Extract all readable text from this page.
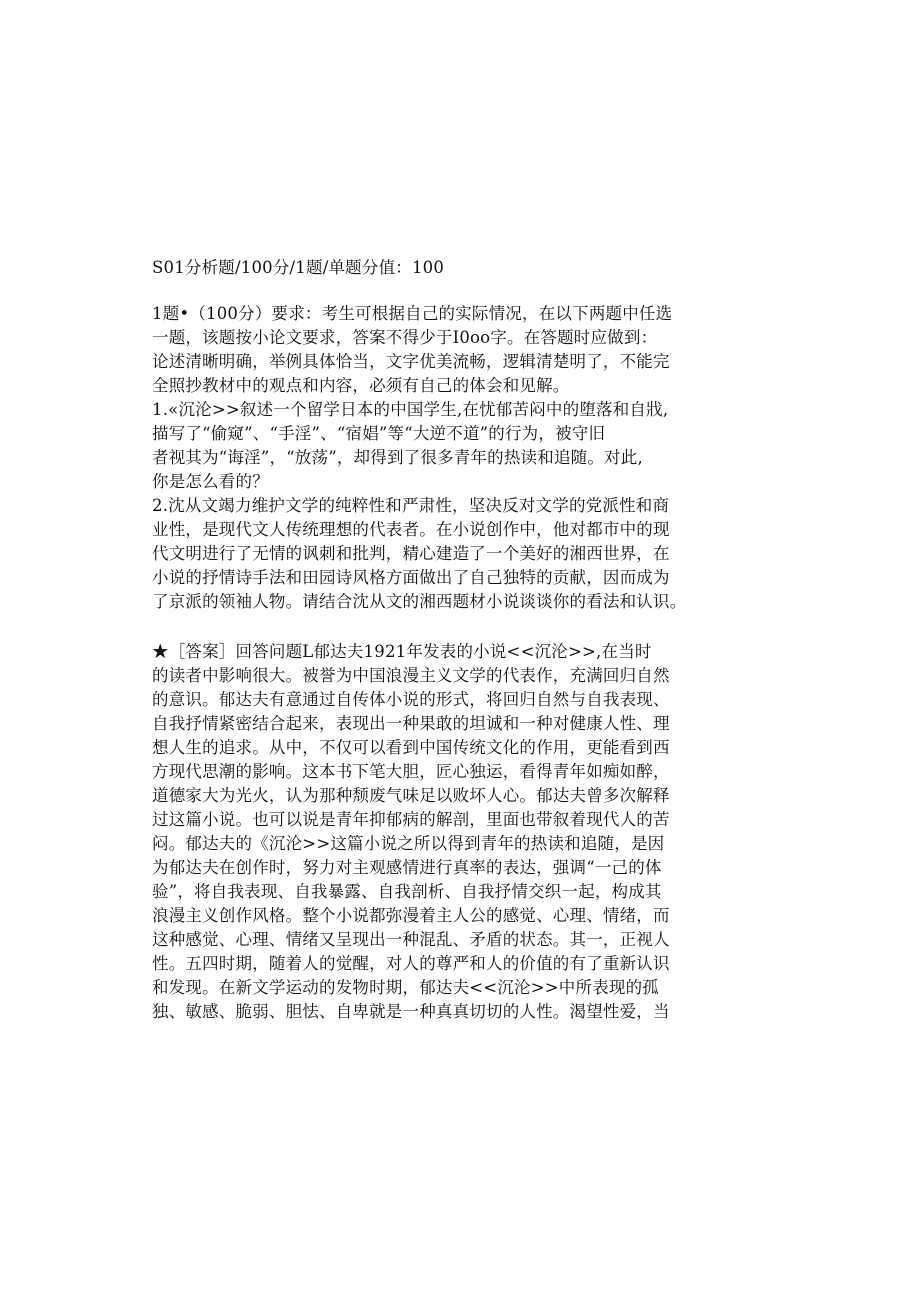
S01分析题/100分/1题/单题分值：100
1题•（100分）要求：考生可根据自己的实际情况，在以下两题中任选
一题，该题按小论文要求，答案不得少于I0oo字。在答题时应做到：
论述清晰明确，举例具体恰当，文字优美流畅，逻辑清楚明了，不能完
全照抄教材中的观点和内容，必须有自己的体会和见解。
1.«沉沦>>叙述一个留学日本的中国学生,在忧郁苦闷中的堕落和自戕,
描写了“偷窥”、“手淫”、“宿娼”等“大逆不道”的行为，被守旧
者视其为“诲淫”，“放荡”，却得到了很多青年的热读和追随。对此,
你是怎么看的？
2.沈从文竭力维护文学的纯粹性和严肃性，坚决反对文学的党派性和商
业性，是现代文人传统理想的代表者。在小说创作中，他对都市中的现
代文明进行了无情的讽刺和批判，精心建造了一个美好的湘西世界，在
小说的抒情诗手法和田园诗风格方面做出了自己独特的贡献，因而成为
了京派的领袖人物。请结合沈从文的湘西题材小说谈谈你的看法和认识。
★［答案］回答问题L郁达夫1921年发表的小说<<沉沦>>,在当时
的读者中影响很大。被誉为中国浪漫主义文学的代表作，充满回归自然
的意识。郁达夫有意通过自传体小说的形式，将回归自然与自我表现、
自我抒情紧密结合起来，表现出一种果敢的坦诚和一种对健康人性、理
想人生的追求。从中，不仅可以看到中国传统文化的作用，更能看到西
方现代思潮的影响。这本书下笔大胆，匠心独运，看得青年如痴如醉，
道德家大为光火，认为那种颓废气味足以败坏人心。郁达夫曾多次解释
过这篇小说。也可以说是青年抑郁病的解剖，里面也带叙着现代人的苦
闷。郁达夫的《沉沦>>这篇小说之所以得到青年的热读和追随，是因
为郁达夫在创作时，努力对主观感情进行真率的表达，强调“一己的体
验”，将自我表现、自我暴露、自我剖析、自我抒情交织一起，构成其
浪漫主义创作风格。整个小说都弥漫着主人公的感觉、心理、情绪，而
这种感觉、心理、情绪又呈现出一种混乱、矛盾的状态。其一，正视人
性。五四时期，随着人的觉醒，对人的尊严和人的价值的有了重新认识
和发现。在新文学运动的发物时期，郁达夫<<沉沦>>中所表现的孤
独、敏感、脆弱、胆怯、自卑就是一种真真切切的人性。渴望性爱，当
